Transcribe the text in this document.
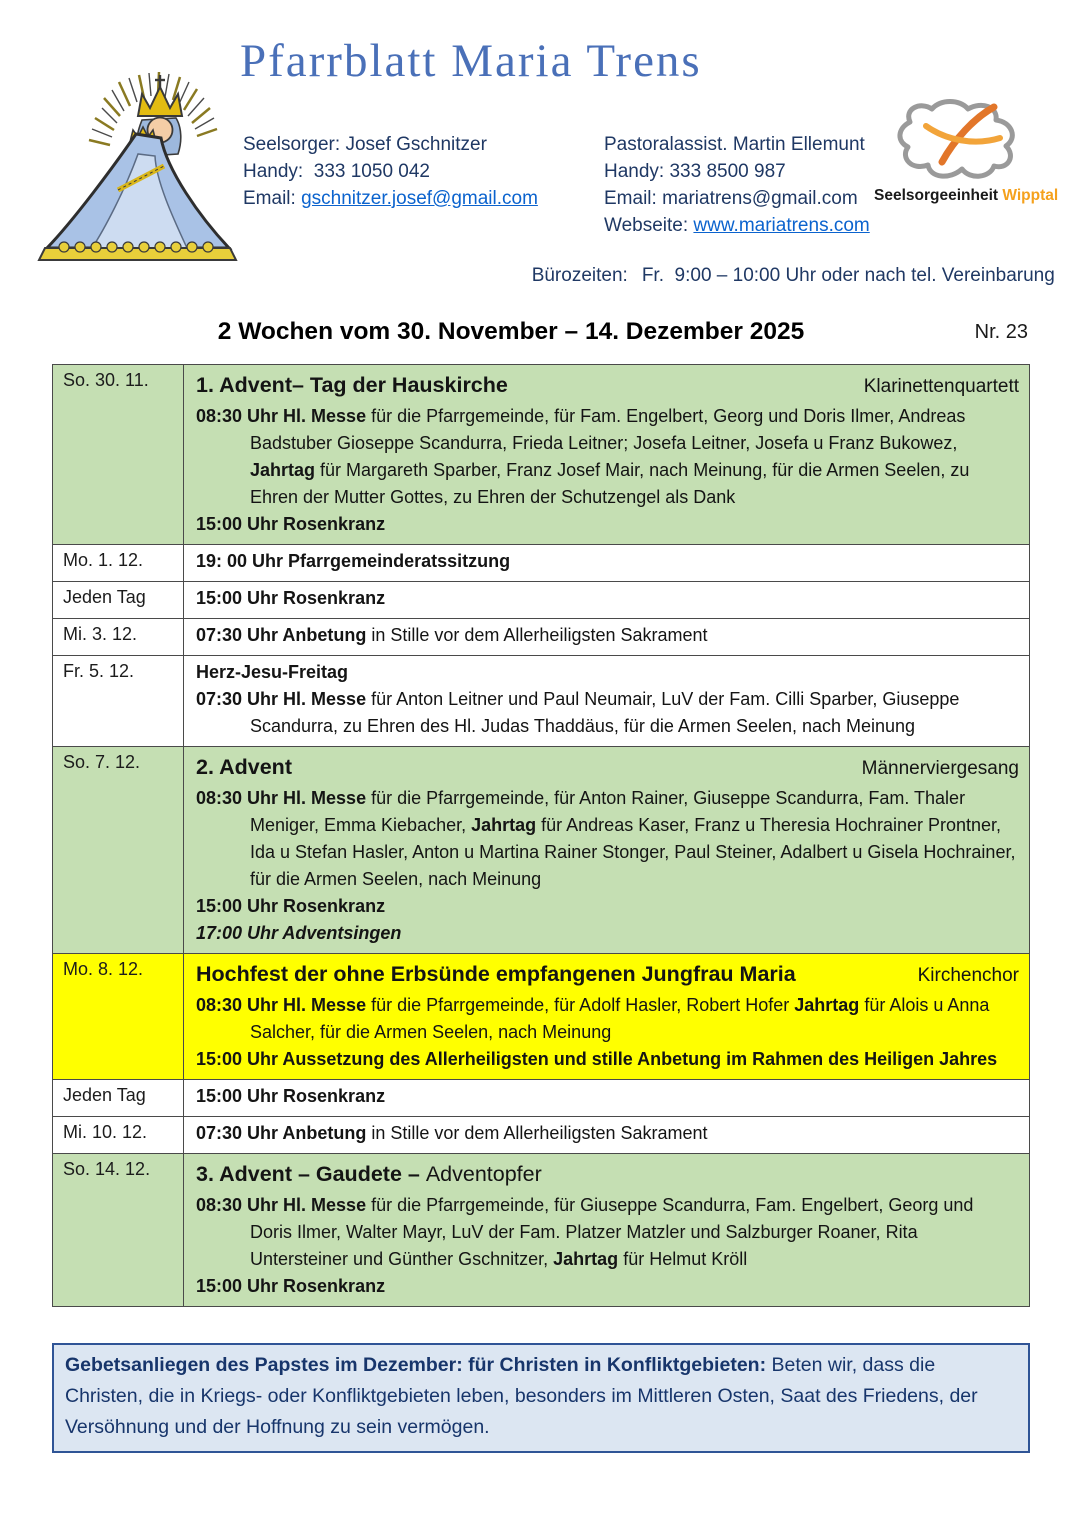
Pfarrblatt Maria Trens
Seelsorger: Josef Gschnitzer
Handy:  333 1050 042
Email: gschnitzer.josef@gmail.com
Pastoralassist. Martin Ellemunt
Handy: 333 8500 987
Email: mariatrens@gmail.com
Webseite: www.mariatrens.com
Seelsorgeeinheit Wipptal

Bürozeiten: Fr.  9:00 – 10:00 Uhr oder nach tel. Vereinbarung

2 Wochen vom 30. November – 14. Dezember 2025	Nr. 23
So. 30. 11.	1. Advent– Tag der Hauskirche Klarinettenquartett

08:30 Uhr Hl. Messe für die Pfarrgemeinde, für Fam. Engelbert, Georg und Doris Ilmer, Andreas Badstuber Gioseppe Scandurra, Frieda Leitner; Josefa Leitner, Josefa u Franz Bukowez, Jahrtag für Margareth Sparber, Franz Josef Mair, nach Meinung, für die Armen Seelen, zu Ehren der Mutter Gottes, zu Ehren der Schutzengel als Dank

15:00 Uhr Rosenkranz

Mo. 1. 12.	19: 00 Uhr Pfarrgemeinderatssitzung

Jeden Tag	15:00 Uhr Rosenkranz

Mi. 3. 12.	07:30 Uhr Anbetung in Stille vor dem Allerheiligsten Sakrament

Fr. 5. 12.	Herz-Jesu-Freitag

07:30 Uhr Hl. Messe für Anton Leitner und Paul Neumair, LuV der Fam. Cilli Sparber, Giuseppe Scandurra, zu Ehren des Hl. Judas Thaddäus, für die Armen Seelen, nach Meinung

So. 7. 12.	2. Advent Männerviergesang

08:30 Uhr Hl. Messe für die Pfarrgemeinde, für Anton Rainer, Giuseppe Scandurra, Fam. Thaler Meniger, Emma Kiebacher, Jahrtag für Andreas Kaser, Franz u Theresia Hochrainer Prontner, Ida u Stefan Hasler, Anton u Martina Rainer Stonger, Paul Steiner, Adalbert u Gisela Hochrainer, für die Armen Seelen, nach Meinung

15:00 Uhr Rosenkranz

17:00 Uhr Adventsingen

Mo. 8. 12.	Hochfest der ohne Erbsünde empfangenen Jungfrau Maria Kirchenchor

08:30 Uhr Hl. Messe für die Pfarrgemeinde, für Adolf Hasler, Robert Hofer Jahrtag für Alois u Anna Salcher, für die Armen Seelen, nach Meinung

15:00 Uhr Aussetzung des Allerheiligsten und stille Anbetung im Rahmen des Heiligen Jahres

Jeden Tag	15:00 Uhr Rosenkranz

Mi. 10. 12.	07:30 Uhr Anbetung in Stille vor dem Allerheiligsten Sakrament

So. 14. 12.	3. Advent – Gaudete – Adventopfer

08:30 Uhr Hl. Messe für die Pfarrgemeinde, für Giuseppe Scandurra, Fam. Engelbert, Georg und Doris Ilmer, Walter Mayr, LuV der Fam. Platzer Matzler und Salzburger Roaner, Rita Untersteiner und Günther Gschnitzer, Jahrtag für Helmut Kröll

15:00 Uhr Rosenkranz

Gebetsanliegen des Papstes im Dezember: für Christen in Konfliktgebieten: Beten wir, dass die Christen, die in Kriegs- oder Konfliktgebieten leben, besonders im Mittleren Osten, Saat des Friedens, der Versöhnung und der Hoffnung zu sein vermögen.
